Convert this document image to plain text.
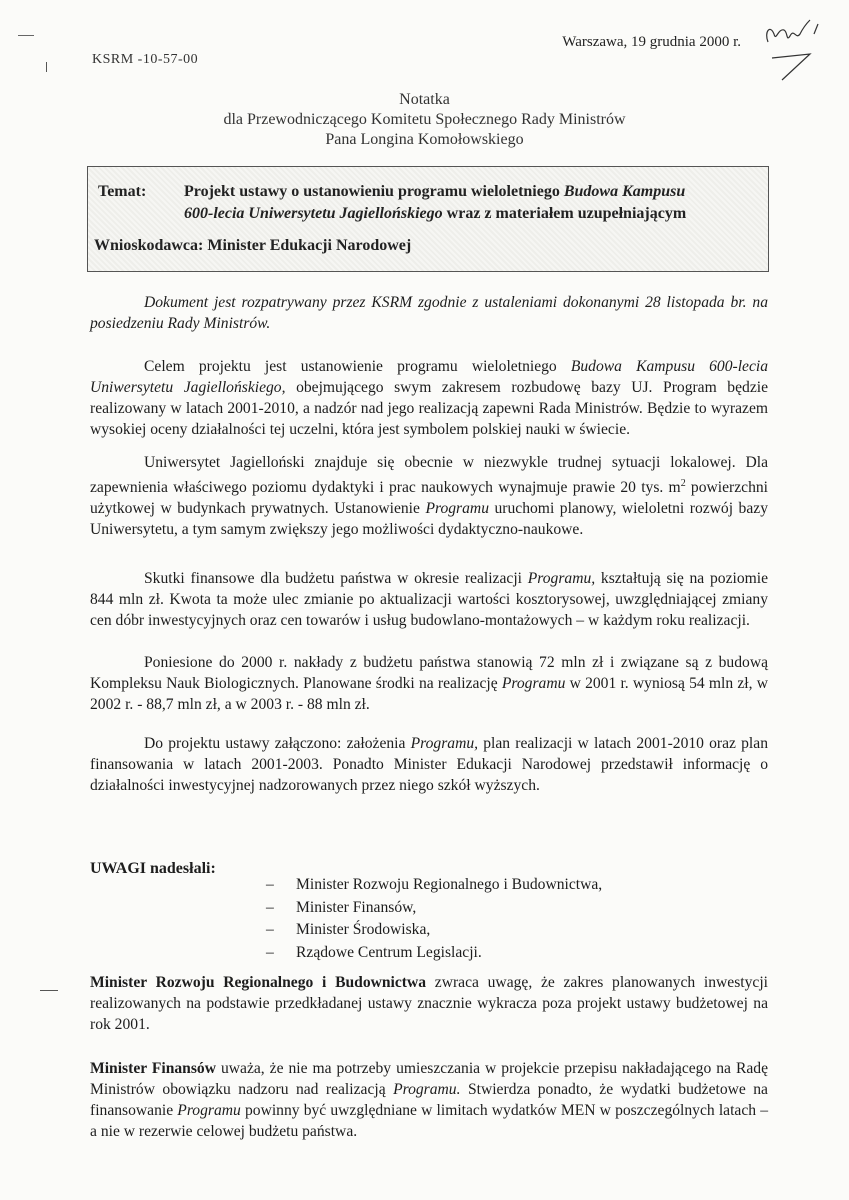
KSRM -10-57-00
Warszawa, 19 grudnia 2000 r.
Notatka
dla Przewodniczącego Komitetu Społecznego Rady Ministrów
Pana Longina Komołowskiego
Temat: Projekt ustawy o ustanowieniu programu wieloletniego Budowa Kampusu
600-lecia Uniwersytetu Jagiellońskiego wraz z materiałem uzupełniającym
Wnioskodawca: Minister Edukacji Narodowej

Dokument jest rozpatrywany przez KSRM zgodnie z ustaleniami dokonanymi 28 listopada br. na posiedzeniu Rady Ministrów.

Celem projektu jest ustanowienie programu wieloletniego Budowa Kampusu 600-lecia Uniwersytetu Jagiellońskiego, obejmującego swym zakresem rozbudowę bazy UJ. Program będzie realizowany w latach 2001-2010, a nadzór nad jego realizacją zapewni Rada Ministrów. Będzie to wyrazem wysokiej oceny działalności tej uczelni, która jest symbolem polskiej nauki w świecie.

Uniwersytet Jagielloński znajduje się obecnie w niezwykle trudnej sytuacji lokalowej. Dla zapewnienia właściwego poziomu dydaktyki i prac naukowych wynajmuje prawie 20 tys. $m^2$ powierzchni użytkowej w budynkach prywatnych. Ustanowienie Programu uruchomi planowy, wieloletni rozwój bazy Uniwersytetu, a tym samym zwiększy jego możliwości dydaktyczno-naukowe.

Skutki finansowe dla budżetu państwa w okresie realizacji Programu, kształtują się na poziomie 844 mln zł. Kwota ta może ulec zmianie po aktualizacji wartości kosztorysowej, uwzględniającej zmiany cen dóbr inwestycyjnych oraz cen towarów i usług budowlano-montażowych – w każdym roku realizacji.

Poniesione do 2000 r. nakłady z budżetu państwa stanowią 72 mln zł i związane są z budową Kompleksu Nauk Biologicznych. Planowane środki na realizację Programu w 2001 r. wyniosą 54 mln zł, w 2002 r. - 88,7 mln zł, a w 2003 r. - 88 mln zł.

Do projektu ustawy załączono: założenia Programu, plan realizacji w latach 2001-2010 oraz plan finansowania w latach 2001-2003. Ponadto Minister Edukacji Narodowej przedstawił informację o działalności inwestycyjnej nadzorowanych przez niego szkół wyższych.

UWAGI nadesłali:
– Minister Rozwoju Regionalnego i Budownictwa,
– Minister Finansów,
– Minister Środowiska,
– Rządowe Centrum Legislacji.

Minister Rozwoju Regionalnego i Budownictwa zwraca uwagę, że zakres planowanych inwestycji realizowanych na podstawie przedkładanej ustawy znacznie wykracza poza projekt ustawy budżetowej na rok 2001.

Minister Finansów uważa, że nie ma potrzeby umieszczania w projekcie przepisu nakładającego na Radę Ministrów obowiązku nadzoru nad realizacją Programu. Stwierdza ponadto, że wydatki budżetowe na finansowanie Programu powinny być uwzględniane w limitach wydatków MEN w poszczególnych latach – a nie w rezerwie celowej budżetu państwa.
